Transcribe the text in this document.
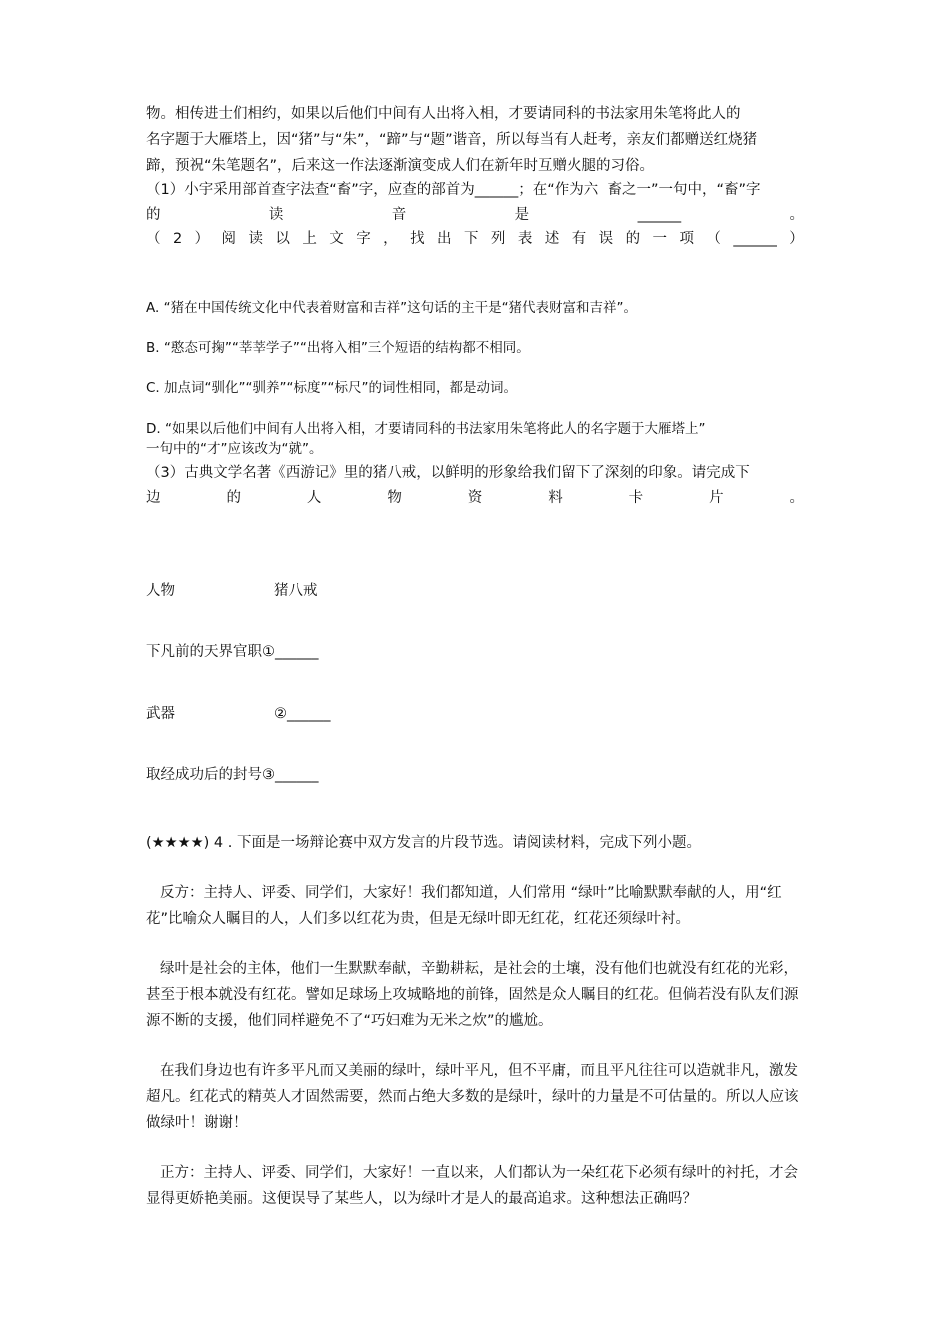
物。相传进士们相约，如果以后他们中间有人出将入相，才要请同科的书法家用朱笔将此人的
名字题于大雁塔上，因“猪”与“朱”，“蹄”与“题”谐音，所以每当有人赶考，亲友们都赠送红烧猪
蹄，预祝“朱笔题名”，后来这一作法逐渐演变成人们在新年时互赠火腿的习俗。
（1）小宇采用部首查字法查“畜”字，应查的部首为______；在“作为六 畜之一”一句中，“畜”字
的	读	音	是	______	。
（ 2 ） 阅 读 以 上 文 字 ， 找 出 下 列 表 述 有 误 的 一 项 （ ______ ）
A. “猪在中国传统文化中代表着财富和吉祥”这句话的主干是“猪代表财富和吉祥”。
B. “憨态可掬”“莘莘学子”“出将入相”三个短语的结构都不相同。
C. 加点词“驯化”“驯养”“标度”“标尺”的词性相同，都是动词。
D. “如果以后他们中间有人出将入相，才要请同科的书法家用朱笔将此人的名字题于大雁塔上”
一句中的“才”应该改为“就”。
（3）古典文学名著《西游记》里的猪八戒，以鲜明的形象给我们留下了深刻的印象。请完成下
边	的	人	物	资	料	卡	片	。
人物	猪八戒
下凡前的天界官职①______
武器	②______
取经成功后的封号③______
(★★★★) 4 . 下面是一场辩论赛中双方发言的片段节选。请阅读材料，完成下列小题。
反方：主持人、评委、同学们，大家好！我们都知道，人们常用 “绿叶”比喻默默奉献的人，用“红花”比喻众人瞩目的人，人们多以红花为贵，但是无绿叶即无红花，红花还须绿叶衬。
绿叶是社会的主体，他们一生默默奉献，辛勤耕耘，是社会的土壤，没有他们也就没有红花的光彩，甚至于根本就没有红花。譬如足球场上攻城略地的前锋，固然是众人瞩目的红花。但倘若没有队友们源源不断的支援，他们同样避免不了“巧妇难为无米之炊”的尴尬。
在我们身边也有许多平凡而又美丽的绿叶，绿叶平凡，但不平庸，而且平凡往往可以造就非凡，激发超凡。红花式的精英人才固然需要，然而占绝大多数的是绿叶，绿叶的力量是不可估量的。所以人应该做绿叶！谢谢！
正方：主持人、评委、同学们，大家好！一直以来，人们都认为一朵红花下必须有绿叶的衬托，才会显得更娇艳美丽。这便误导了某些人，以为绿叶才是人的最高追求。这种想法正确吗？
